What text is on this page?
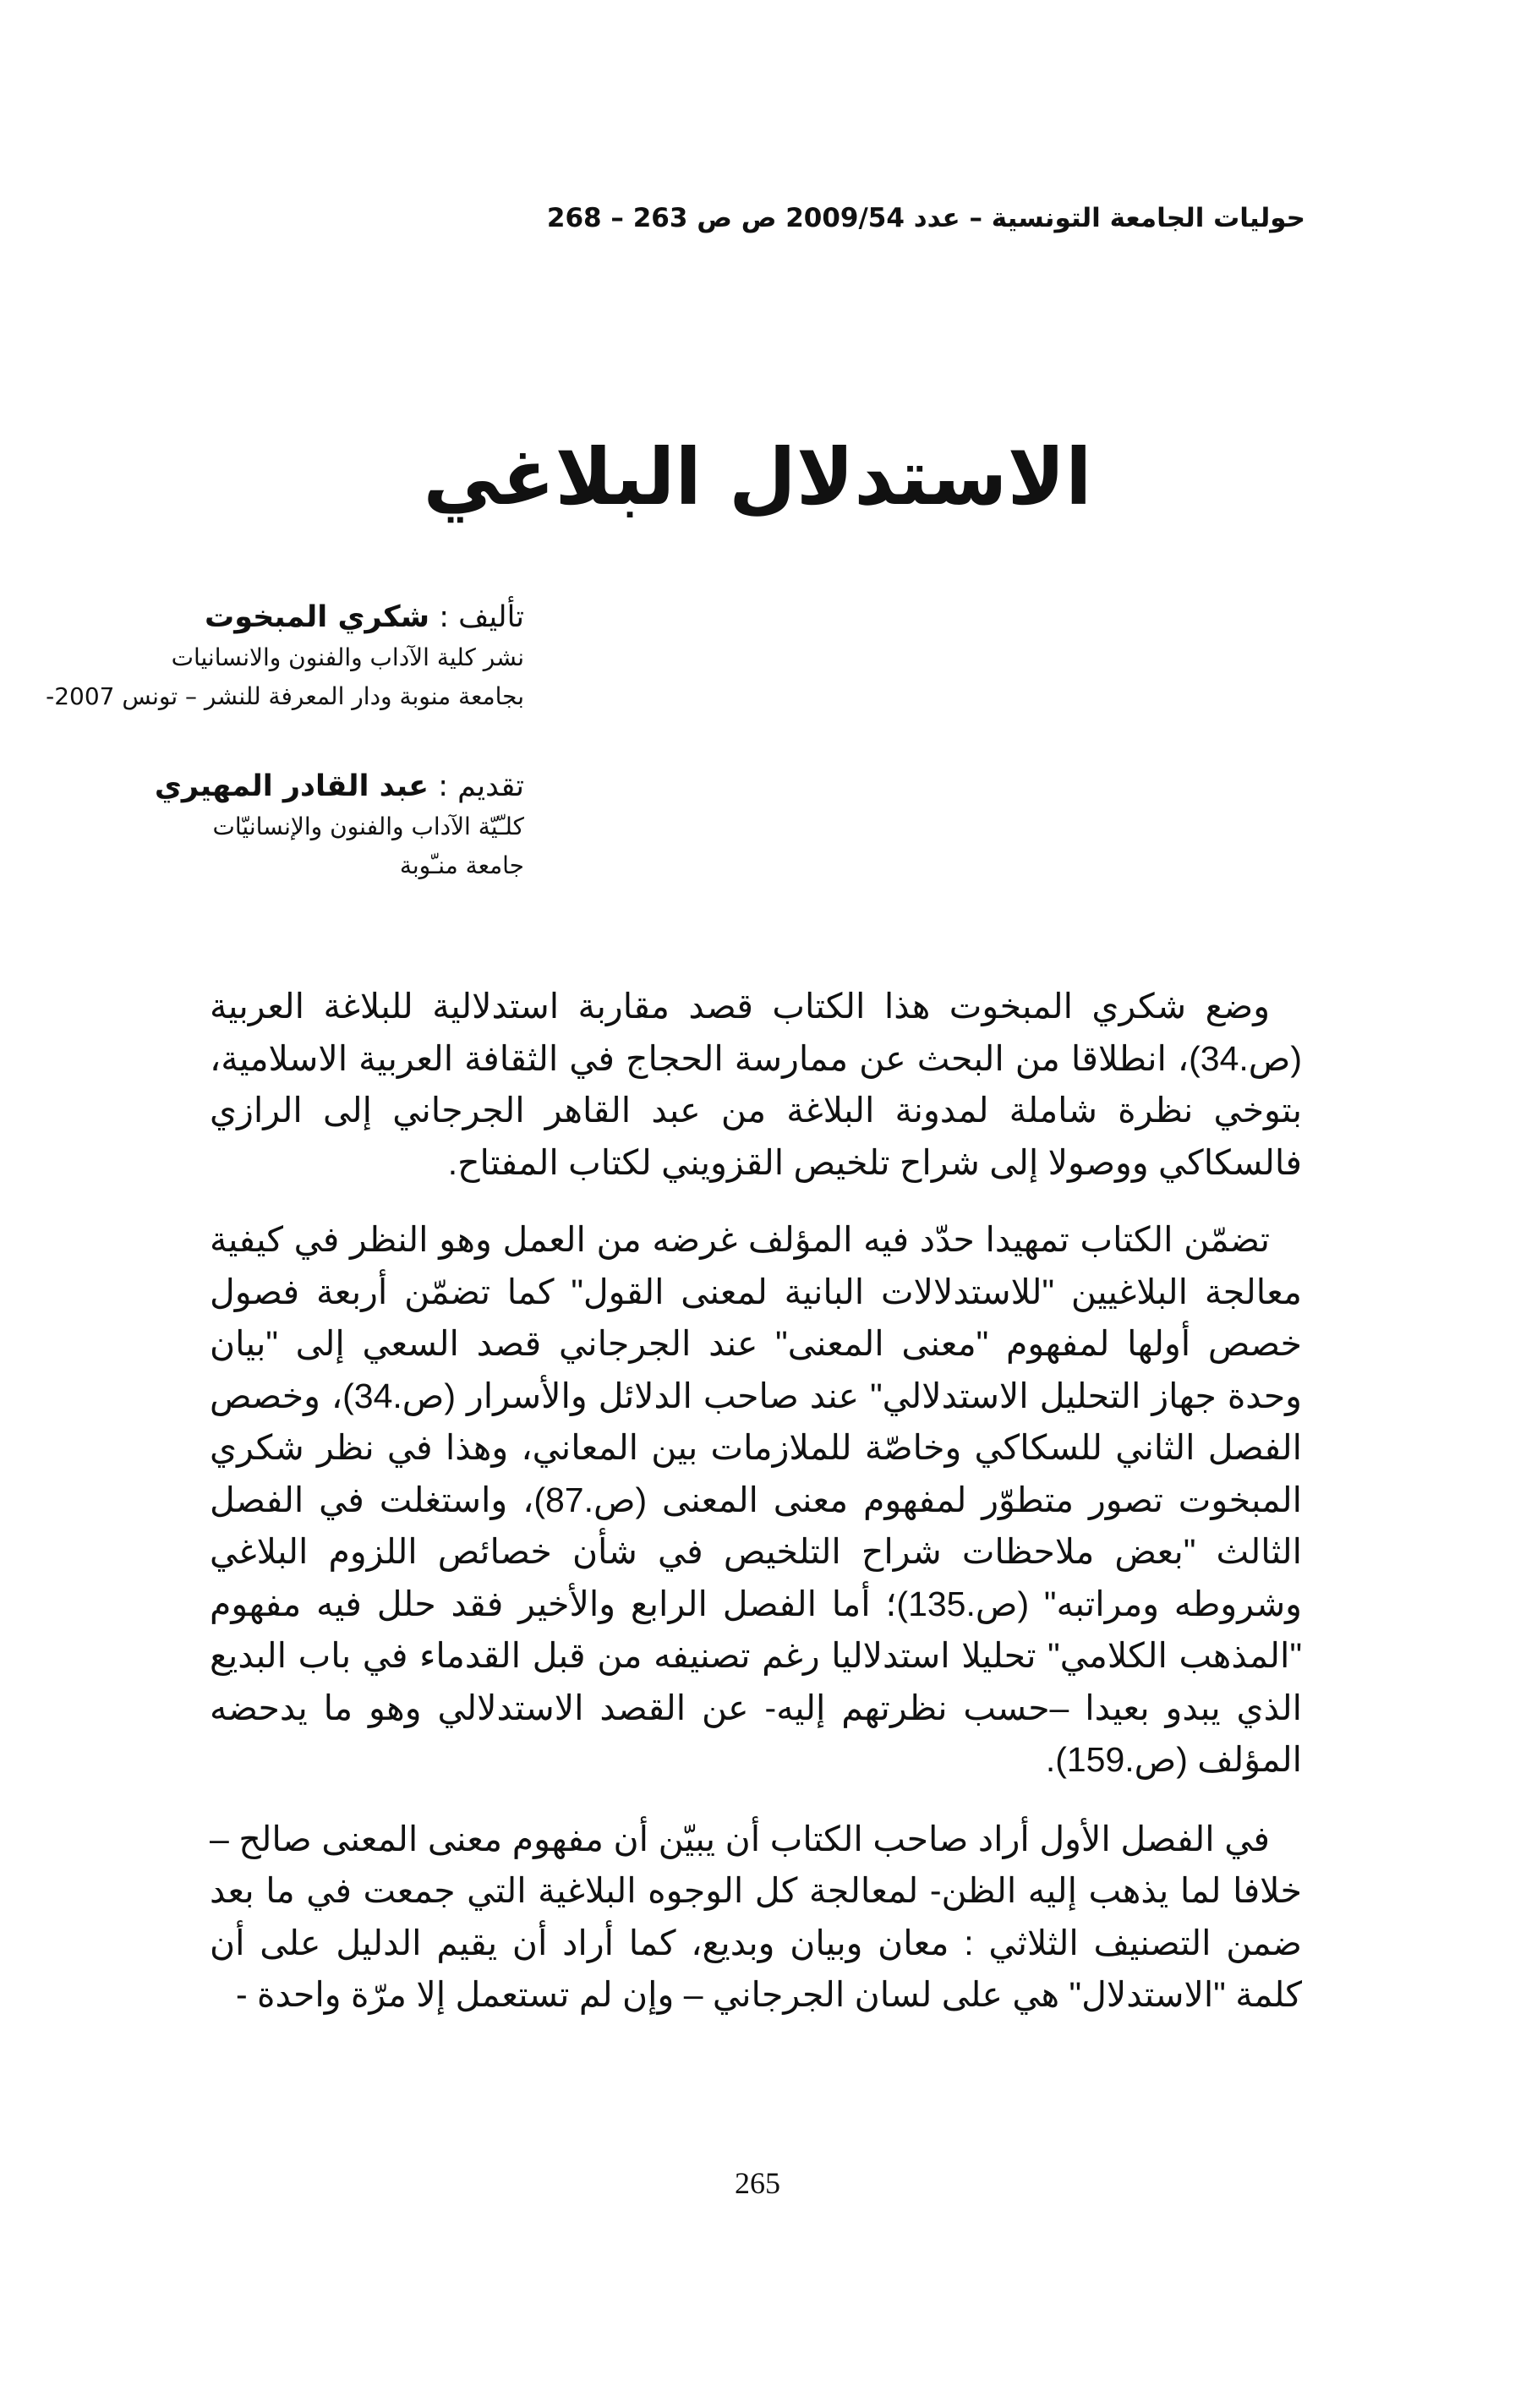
حوليات الجامعة التونسية – عدد 2009/54 ص ص 263 – 268
الاستدلال البلاغي
تأليف : شكري المبخوت
نشر كلية الآداب والفنون والانسانيات
بجامعة منوبة ودار المعرفة للنشر – تونس 2007-
تقديم : عبد القادر المهيري
كلـّيّة الآداب والفنون والإنسانيّات
جامعة منـّوبة

وضع شكري المبخوت هذا الكتاب قصد مقاربة استدلالية للبلاغة العربية (ص.34)، انطلاقا من البحث عن ممارسة الحجاج في الثقافة العربية الاسلامية، بتوخي نظرة شاملة لمدونة البلاغة من عبد القاهر الجرجاني إلى الرازي فالسكاكي ووصولا إلى شراح تلخيص القزويني لكتاب المفتاح.

تضمّن الكتاب تمهيدا حدّد فيه المؤلف غرضه من العمل وهو النظر في كيفية معالجة البلاغيين "للاستدلالات البانية لمعنى القول" كما تضمّن أربعة فصول خصص أولها لمفهوم "معنى المعنى" عند الجرجاني قصد السعي إلى "بيان وحدة جهاز التحليل الاستدلالي" عند صاحب الدلائل والأسرار (ص.34)، وخصص الفصل الثاني للسكاكي وخاصّة للملازمات بين المعاني، وهذا في نظر شكري المبخوت تصور متطوّر لمفهوم معنى المعنى (ص.87)، واستغلت في الفصل الثالث "بعض ملاحظات شراح التلخيص في شأن خصائص اللزوم البلاغي وشروطه ومراتبه" (ص.135)؛ أما الفصل الرابع والأخير فقد حلل فيه مفهوم "المذهب الكلامي" تحليلا استدلاليا رغم تصنيفه من قبل القدماء في باب البديع الذي يبدو بعيدا –حسب نظرتهم إليه- عن القصد الاستدلالي وهو ما يدحضه المؤلف (ص.159).

في الفصل الأول أراد صاحب الكتاب أن يبيّن أن مفهوم معنى المعنى صالح – خلافا لما يذهب إليه الظن- لمعالجة كل الوجوه البلاغية التي جمعت في ما بعد ضمن التصنيف الثلاثي : معان وبيان وبديع، كما أراد أن يقيم الدليل على أن كلمة "الاستدلال" هي على لسان الجرجاني – وإن لم تستعمل إلا مرّة واحدة -

265
